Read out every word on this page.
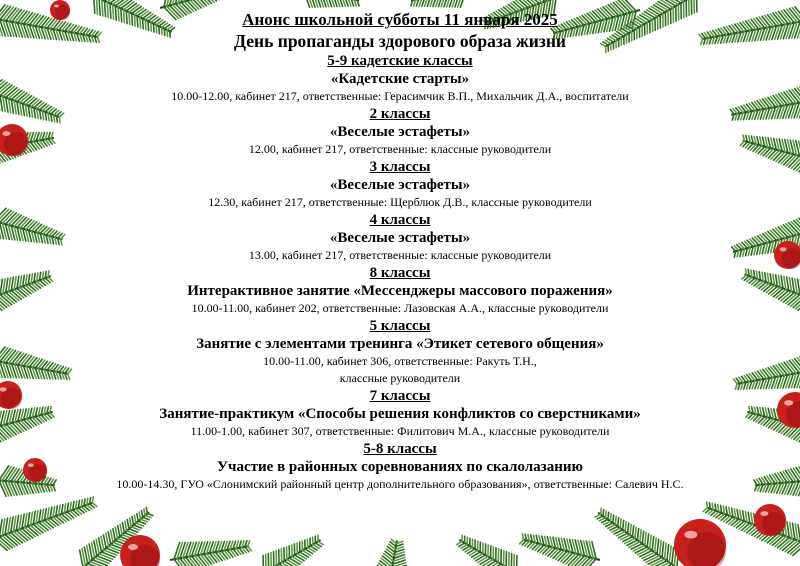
Анонс школьной субботы 11 января 2025
День пропаганды здорового образа жизни
5-9 кадетские классы
«Кадетские старты»
10.00-12.00, кабинет 217, ответственные: Герасимчик В.П., Михальчик Д.А., воспитатели
2 классы
«Веселые эстафеты»
12.00, кабинет 217, ответственные: классные руководители
3 классы
«Веселые эстафеты»
12.30, кабинет 217, ответственные: Щерблюк Д.В., классные руководители
4 классы
«Веселые эстафеты»
13.00, кабинет 217, ответственные: классные руководители
8 классы
Интерактивное занятие «Мессенджеры массового поражения»
10.00-11.00, кабинет 202, ответственные: Лазовская А.А., классные руководители
5 классы
Занятие с элементами тренинга «Этикет сетевого общения»
10.00-11.00, кабинет 306, ответственные: Ракуть Т.Н.,
классные руководители
7 классы
Занятие-практикум «Способы решения конфликтов со сверстниками»
11.00-1.00, кабинет 307, ответственные: Филитович М.А., классные руководители
5-8 классы
Участие в районных соревнованиях по скалолазанию
10.00-14.30, ГУО «Слонимский районный центр дополнительного образования», ответственные: Салевич Н.С.
